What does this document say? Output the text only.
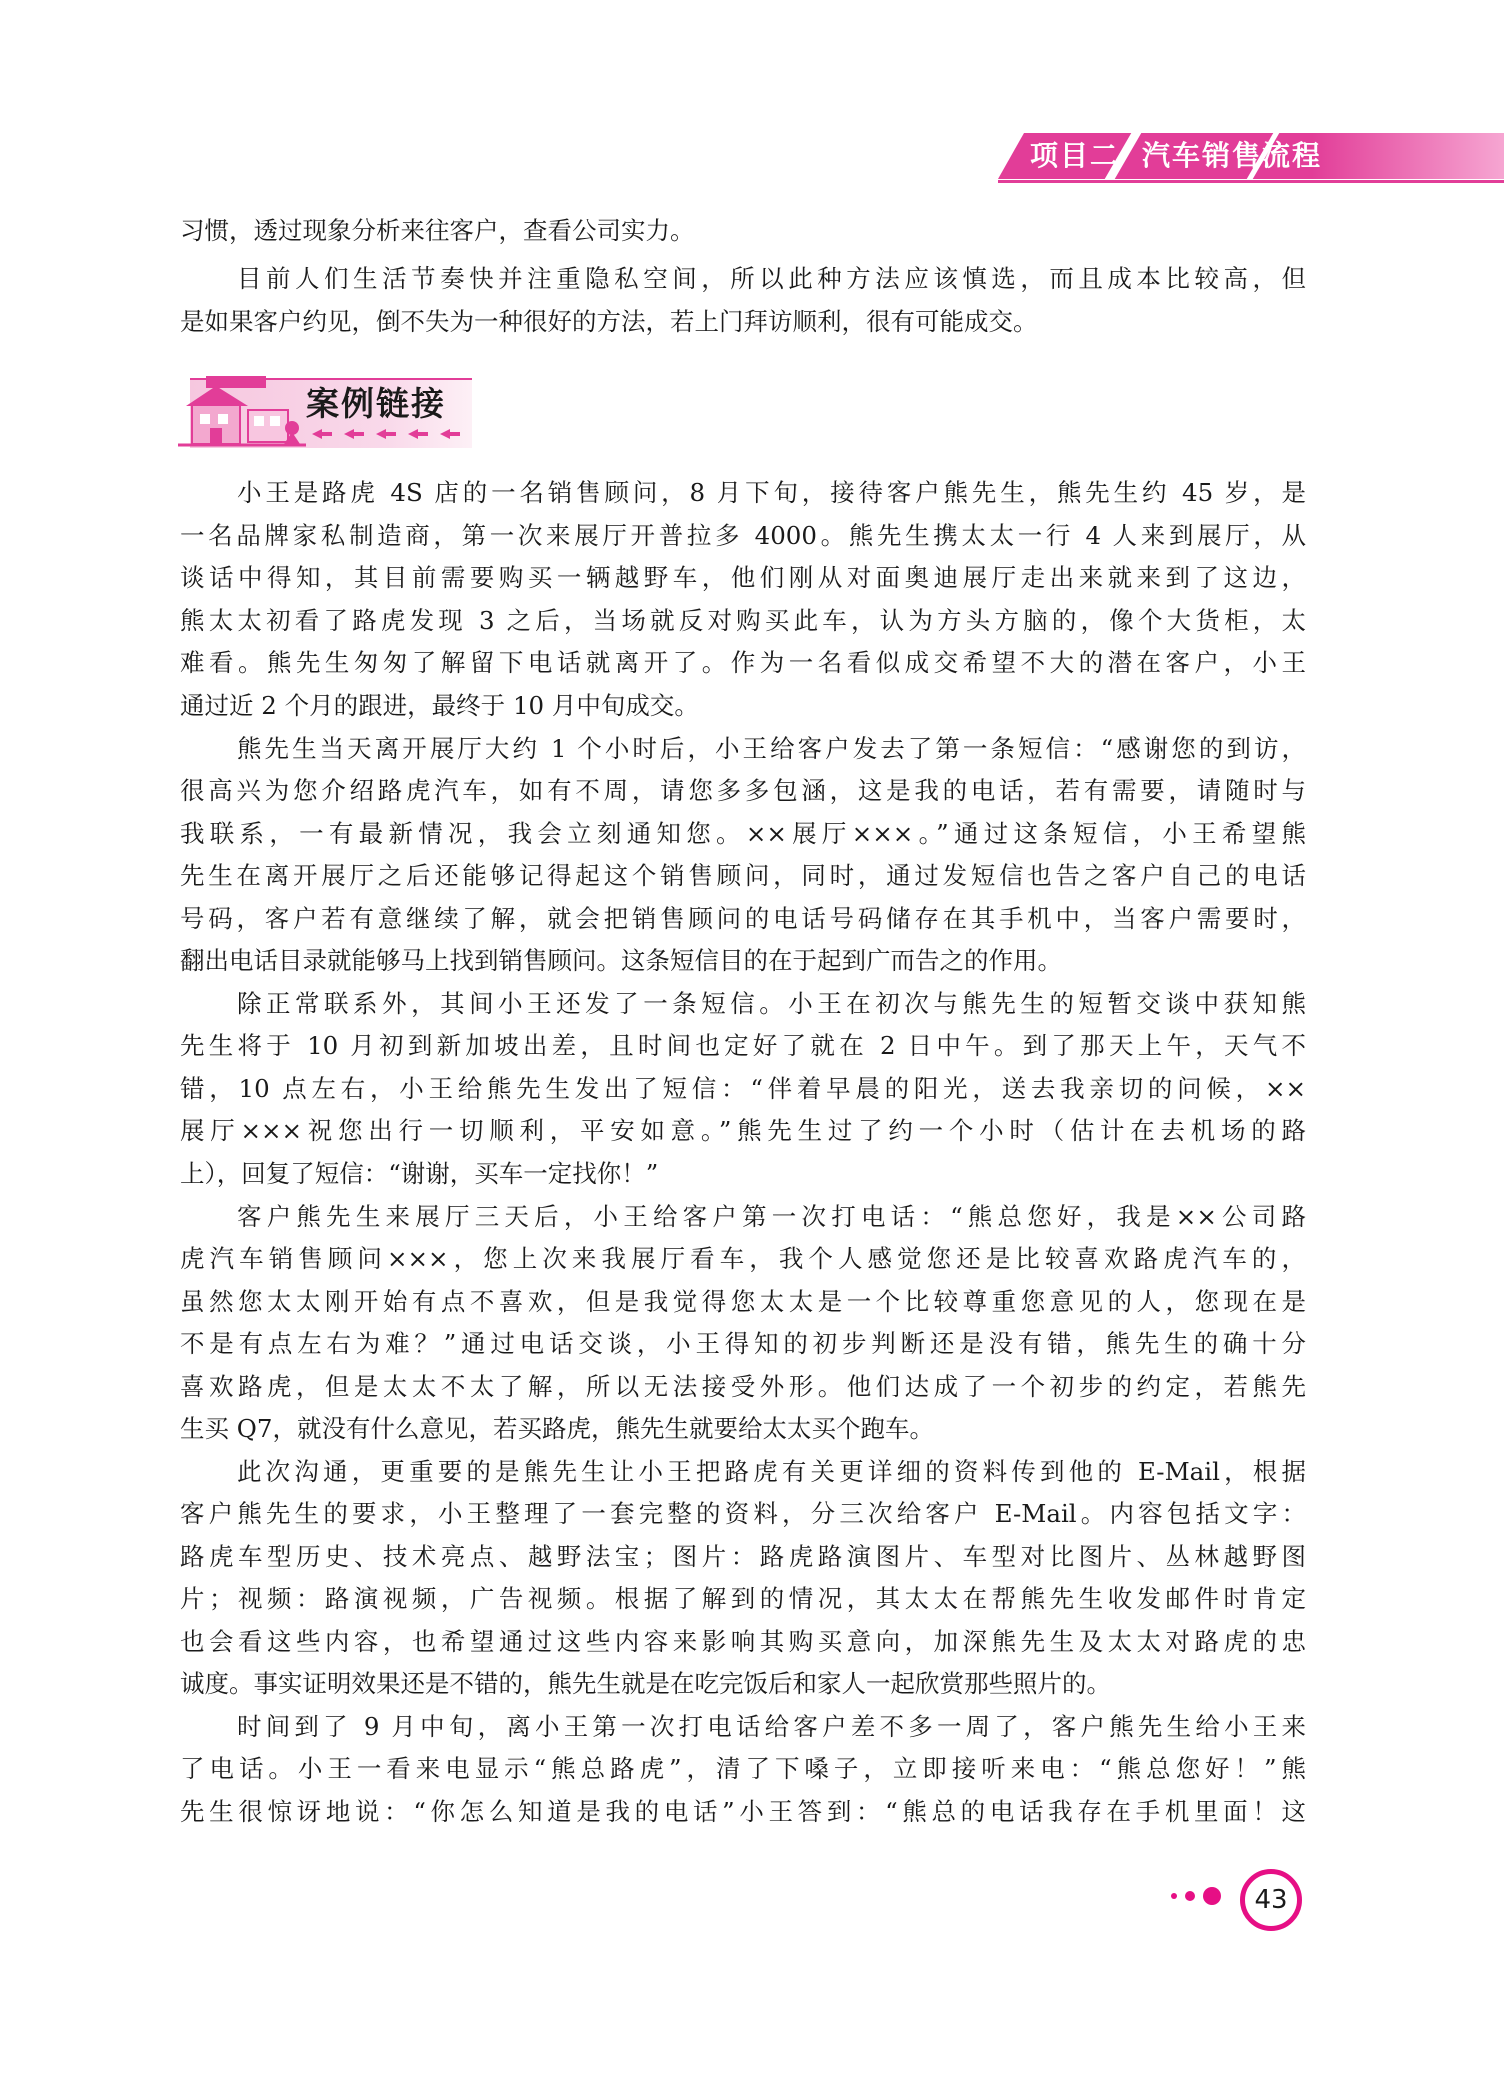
项目二 汽车销售流程
习惯，透过现象分析来往客户，查看公司实力。
目前人们生活节奏快并注重隐私空间，所以此种方法应该慎选，而且成本比较高，但
是如果客户约见，倒不失为一种很好的方法，若上门拜访顺利，很有可能成交。
案例链接
小王是路虎 4S 店的一名销售顾问，8 月下旬，接待客户熊先生，熊先生约 45 岁，是
一名品牌家私制造商，第一次来展厅开普拉多 4000。熊先生携太太一行 4 人来到展厅，从
谈话中得知，其目前需要购买一辆越野车，他们刚从对面奥迪展厅走出来就来到了这边，
熊太太初看了路虎发现 3 之后，当场就反对购买此车，认为方头方脑的，像个大货柜，太
难看。熊先生匆匆了解留下电话就离开了。作为一名看似成交希望不大的潜在客户，小王
通过近 2 个月的跟进，最终于 10 月中旬成交。
熊先生当天离开展厅大约 1 个小时后，小王给客户发去了第一条短信：“感谢您的到访，
很高兴为您介绍路虎汽车，如有不周，请您多多包涵，这是我的电话，若有需要，请随时与
我联系，一有最新情况，我会立刻通知您。××展厅×××。”通过这条短信，小王希望熊
先生在离开展厅之后还能够记得起这个销售顾问，同时，通过发短信也告之客户自己的电话
号码，客户若有意继续了解，就会把销售顾问的电话号码储存在其手机中，当客户需要时，
翻出电话目录就能够马上找到销售顾问。这条短信目的在于起到广而告之的作用。
除正常联系外，其间小王还发了一条短信。小王在初次与熊先生的短暂交谈中获知熊
先生将于 10 月初到新加坡出差，且时间也定好了就在 2 日中午。到了那天上午，天气不
错，10 点左右，小王给熊先生发出了短信：“伴着早晨的阳光，送去我亲切的问候，××
展厅×××祝您出行一切顺利，平安如意。”熊先生过了约一个小时（估计在去机场的路
上），回复了短信：“谢谢，买车一定找你！”
客户熊先生来展厅三天后，小王给客户第一次打电话：“熊总您好，我是××公司路
虎汽车销售顾问×××，您上次来我展厅看车，我个人感觉您还是比较喜欢路虎汽车的，
虽然您太太刚开始有点不喜欢，但是我觉得您太太是一个比较尊重您意见的人，您现在是
不是有点左右为难？”通过电话交谈，小王得知的初步判断还是没有错，熊先生的确十分
喜欢路虎，但是太太不太了解，所以无法接受外形。他们达成了一个初步的约定，若熊先
生买 Q7，就没有什么意见，若买路虎，熊先生就要给太太买个跑车。
此次沟通，更重要的是熊先生让小王把路虎有关更详细的资料传到他的 E-Mail，根据
客户熊先生的要求，小王整理了一套完整的资料，分三次给客户 E-Mail。内容包括文字：
路虎车型历史、技术亮点、越野法宝；图片：路虎路演图片、车型对比图片、丛林越野图
片；视频：路演视频，广告视频。根据了解到的情况，其太太在帮熊先生收发邮件时肯定
也会看这些内容，也希望通过这些内容来影响其购买意向，加深熊先生及太太对路虎的忠
诚度。事实证明效果还是不错的，熊先生就是在吃完饭后和家人一起欣赏那些照片的。
时间到了 9 月中旬，离小王第一次打电话给客户差不多一周了，客户熊先生给小王来
了电话。小王一看来电显示“熊总路虎”，清了下嗓子，立即接听来电：“熊总您好！”熊
先生很惊讶地说：“你怎么知道是我的电话”小王答到：“熊总的电话我存在手机里面！这
43
